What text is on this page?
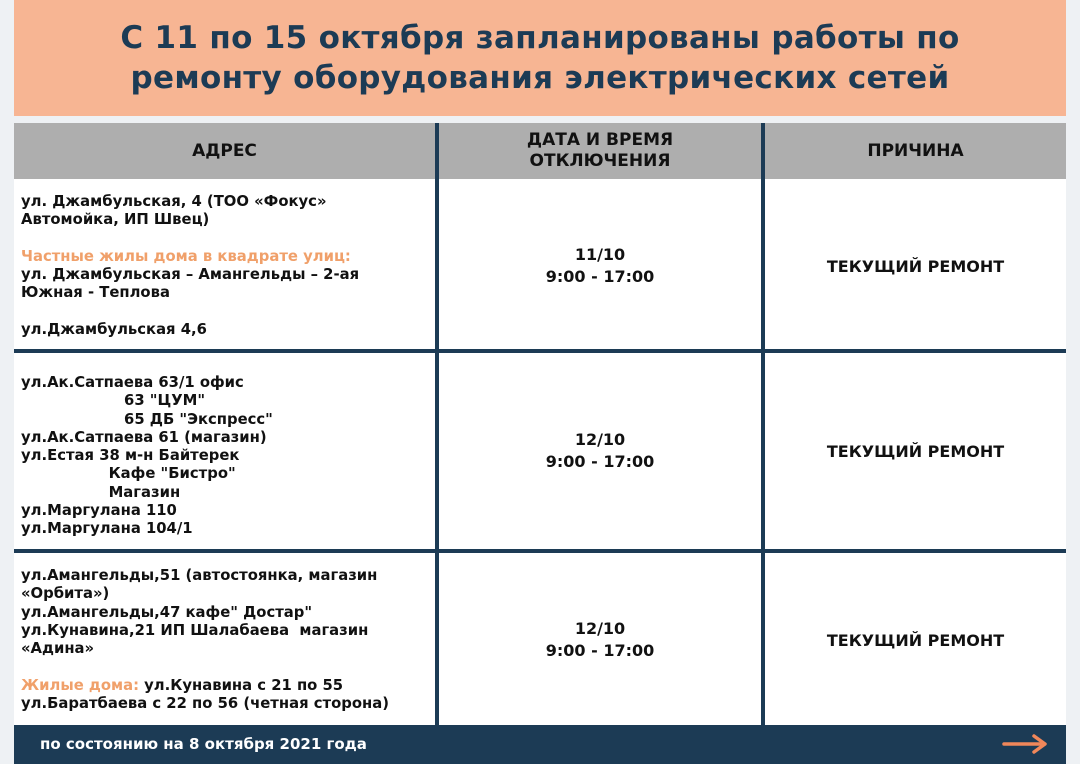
С 11 по 15 октября запланированы работы по
ремонту оборудования электрических сетей
АДРЕС
ДАТА И ВРЕМЯ
ОТКЛЮЧЕНИЯ
ПРИЧИНА
ул. Джамбульская, 4 (ТОО «Фокус»
Автомойка, ИП Швец)

Частные жилы дома в квадрате улиц:
ул. Джамбульская – Амангельды – 2-ая
Южная - Теплова

ул.Джамбульская 4,6
11/10
9:00 - 17:00
ТЕКУЩИЙ РЕМОНТ
ул.Ак.Сатпаева 63/1 офис
63 "ЦУМ"
65 ДБ "Экспресс"
ул.Ак.Сатпаева 61 (магазин)
ул.Естая 38 м-н Байтерек
Кафе "Бистро"
Магазин
ул.Маргулана 110
ул.Маргулана 104/1
12/10
9:00 - 17:00
ТЕКУЩИЙ РЕМОНТ
ул.Амангельды,51 (автостоянка, магазин
«Орбита»)
ул.Амангельды,47 кафе" Достар"
ул.Кунавина,21 ИП Шалабаева  магазин
«Адина»

Жилые дома: ул.Кунавина с 21 по 55
ул.Баратбаева с 22 по 56 (четная сторона)
12/10
9:00 - 17:00
ТЕКУЩИЙ РЕМОНТ
по состоянию на 8 октября 2021 года
